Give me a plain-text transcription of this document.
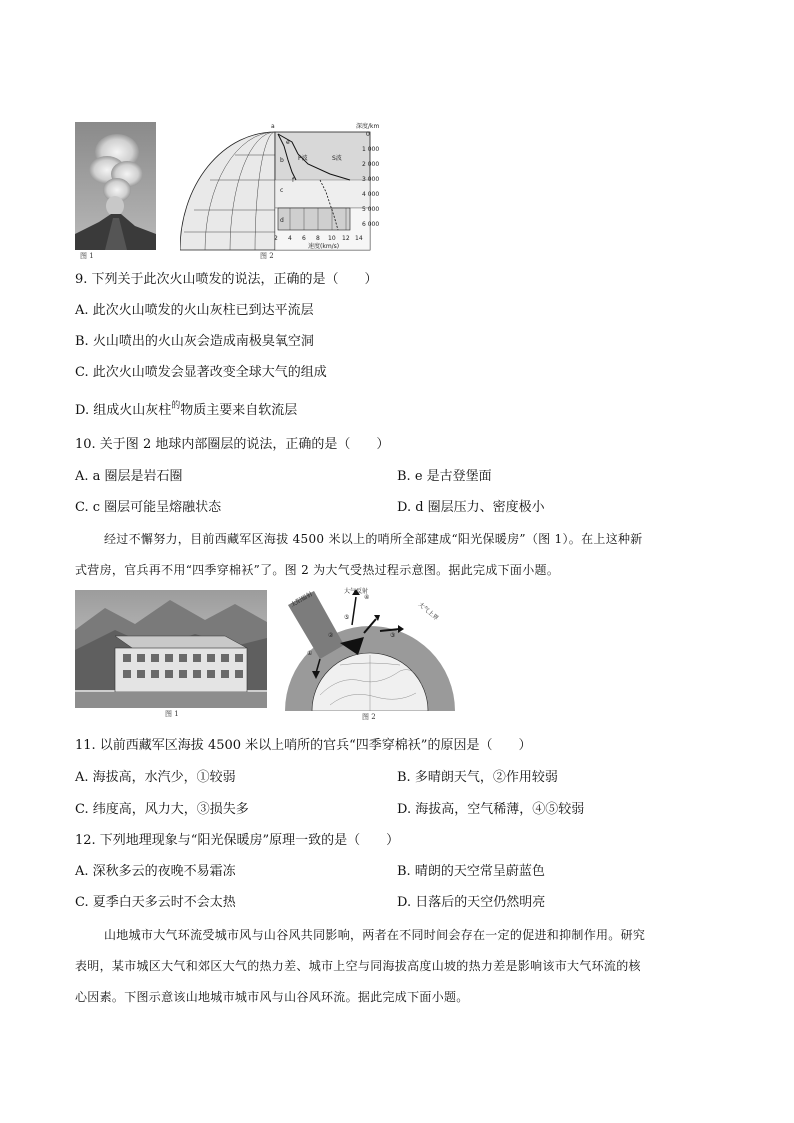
图 1
a
b
c
d
e
f
P波	S波
深度/km
0
1 000
2 000
3 000
4 000
5 000
6 000
2 4 6 8 10 12 14
速度(km/s)
图 2
9. 下列关于此次火山喷发的说法，正确的是（　　）
A. 此次火山喷发的火山灰柱已到达平流层
B. 火山喷出的火山灰会造成南极臭氧空洞
C. 此次火山喷发会显著改变全球大气的组成
D. 组成火山灰柱$^的$物质主要来自软流层
10. 关于图 2 地球内部圈层的说法，正确的是（　　）
A. a 圈层是岩石圈	B. e 是古登堡面
C. c 圈层可能呈熔融状态	D. d 圈层压力、密度极小
经过不懈努力，目前西藏军区海拔 4500 米以上的哨所全部建成“阳光保暖房”（图 1）。在上这种新
式营房，官兵再不用“四季穿棉袄”了。图 2 为大气受热过程示意图。据此完成下面小题。
图 1
大气反射
太阳辐射
大气上界
①
②	③
④
⑤
图 2
11. 以前西藏军区海拔 4500 米以上哨所的官兵“四季穿棉袄”的原因是（　　）
A. 海拔高，水汽少，①较弱	B. 多晴朗天气，②作用较弱
C. 纬度高，风力大，③损失多	D. 海拔高，空气稀薄，④⑤较弱
12. 下列地理现象与“阳光保暖房”原理一致的是（　　）
A. 深秋多云的夜晚不易霜冻	B. 晴朗的天空常呈蔚蓝色
C. 夏季白天多云时不会太热	D. 日落后的天空仍然明亮
山地城市大气环流受城市风与山谷风共同影响，两者在不同时间会存在一定的促进和抑制作用。研究
表明，某市城区大气和郊区大气的热力差、城市上空与同海拔高度山坡的热力差是影响该市大气环流的核
心因素。下图示意该山地城市城市风与山谷风环流。据此完成下面小题。
